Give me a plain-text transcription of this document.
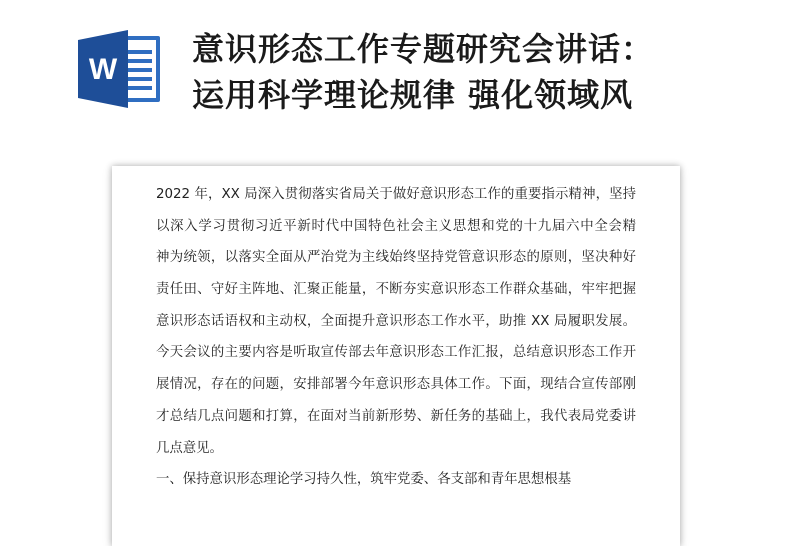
W
意识形态工作专题研究会讲话：
运用科学理论规律 强化领域风
2022 年，XX 局深入贯彻落实省局关于做好意识形态工作的重要指示精神，坚持
以深入学习贯彻习近平新时代中国特色社会主义思想和党的十九届六中全会精
神为统领，以落实全面从严治党为主线始终坚持党管意识形态的原则，坚决种好
责任田、守好主阵地、汇聚正能量，不断夯实意识形态工作群众基础，牢牢把握
意识形态话语权和主动权，全面提升意识形态工作水平，助推 XX 局履职发展。
今天会议的主要内容是听取宣传部去年意识形态工作汇报，总结意识形态工作开
展情况，存在的问题，安排部署今年意识形态具体工作。下面，现结合宣传部刚
才总结几点问题和打算，在面对当前新形势、新任务的基础上，我代表局党委讲
几点意见。
一、保持意识形态理论学习持久性，筑牢党委、各支部和青年思想根基
